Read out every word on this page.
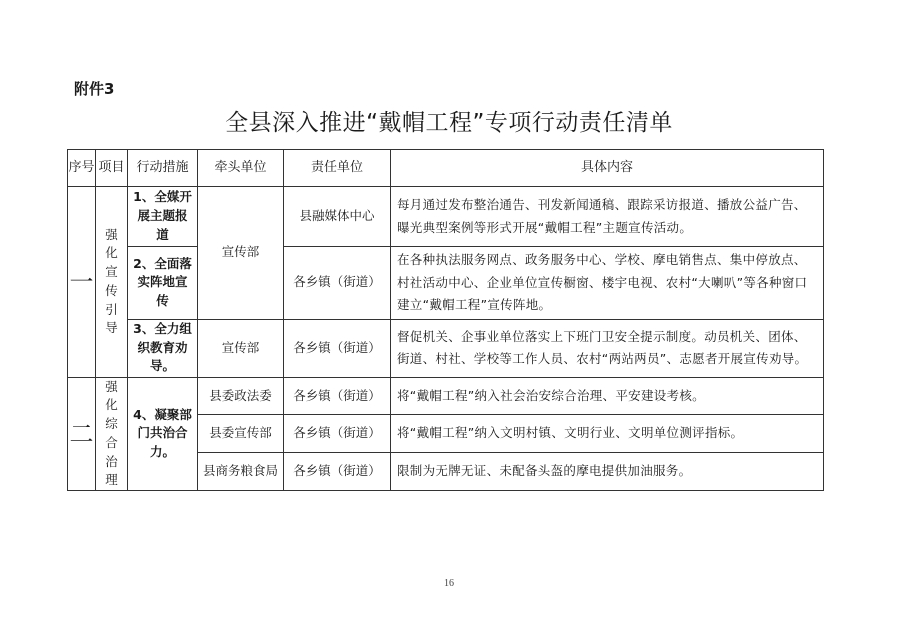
附件3
全县深入推进“戴帽工程”专项行动责任清单
序号	项目	行动措施	牵头单位	责任单位	具体内容
一	强化宣传引导	1、全媒开展主题报道	宣传部	县融媒体中心	每月通过发布整治通告、刊发新闻通稿、跟踪采访报道、播放公益广告、曝光典型案例等形式开展“戴帽工程”主题宣传活动。
		2、全面落实阵地宣传		各乡镇（街道）	在各种执法服务网点、政务服务中心、学校、摩电销售点、集中停放点、村社活动中心、企业单位宣传橱窗、楼宇电视、农村“大喇叭”等各种窗口建立“戴帽工程”宣传阵地。
		3、全力组织教育劝导。	宣传部	各乡镇（街道）	督促机关、企事业单位落实上下班门卫安全提示制度。动员机关、团体、街道、村社、学校等工作人员、农村“两站两员”、志愿者开展宣传劝导。
二	强化综合治理	4、凝聚部门共治合力。	县委政法委	各乡镇（街道）	将“戴帽工程”纳入社会治安综合治理、平安建设考核。
			县委宣传部	各乡镇（街道）	将“戴帽工程”纳入文明村镇、文明行业、文明单位测评指标。
			县商务粮食局	各乡镇（街道）	限制为无牌无证、未配备头盔的摩电提供加油服务。
16
